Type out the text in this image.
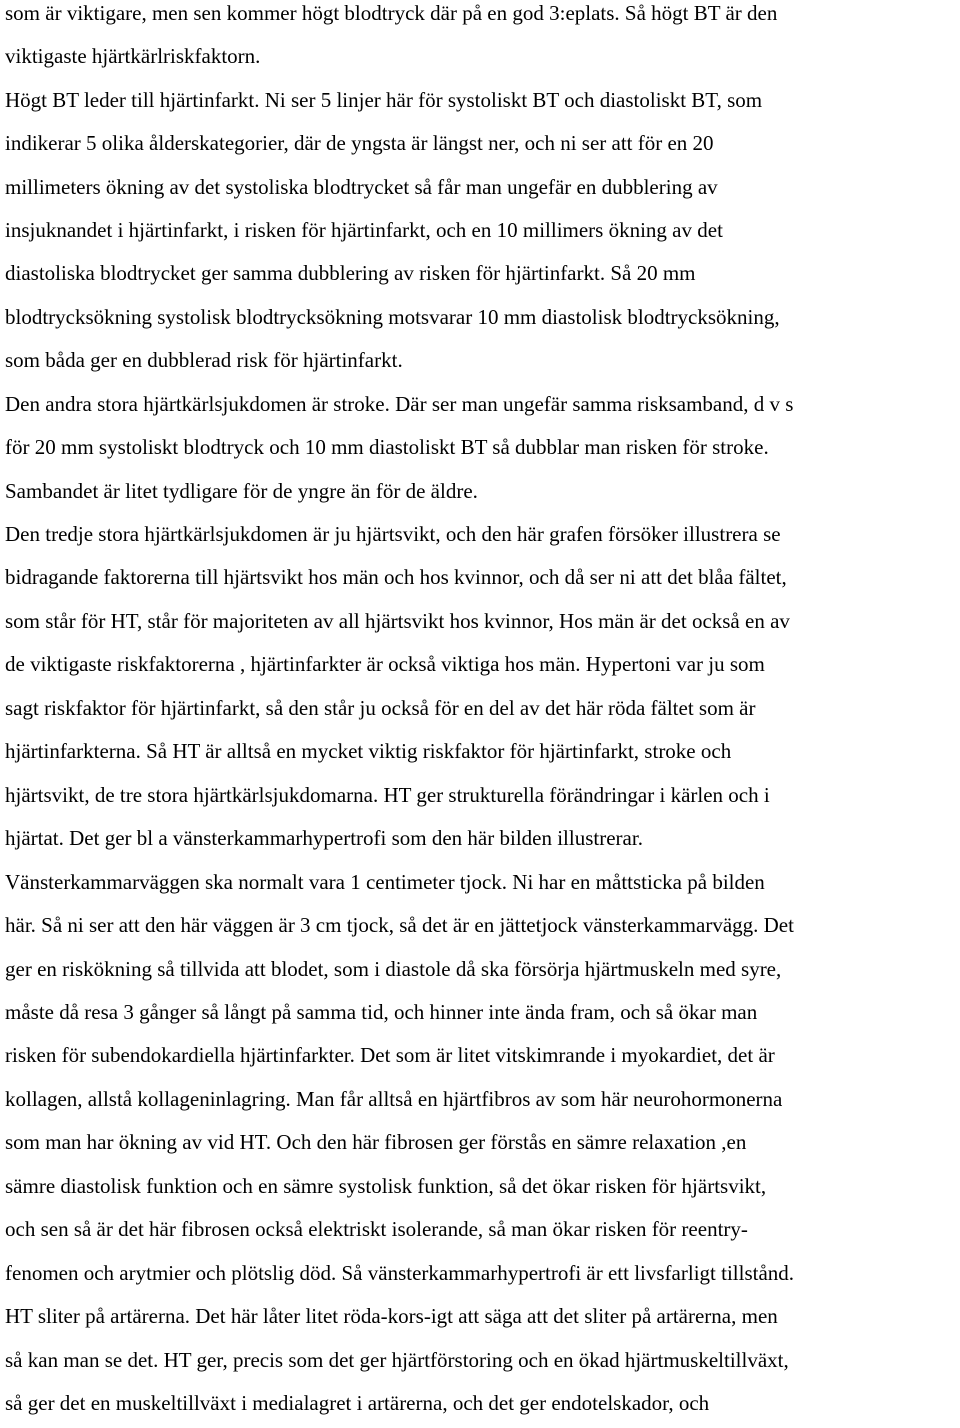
som är viktigare, men sen kommer högt blodtryck där på en god 3:eplats. Så högt BT är den

viktigaste hjärtkärlriskfaktorn.

Högt BT leder till hjärtinfarkt. Ni ser 5 linjer här för systoliskt BT och diastoliskt BT, som

indikerar 5 olika ålderskategorier, där de yngsta är längst ner, och ni ser att för en 20

millimeters ökning av det systoliska blodtrycket så får man ungefär en dubblering av

insjuknandet i hjärtinfarkt, i risken för hjärtinfarkt, och en 10 millimers ökning av det

diastoliska blodtrycket ger samma dubblering av risken för hjärtinfarkt. Så 20 mm

blodtrycksökning systolisk blodtrycksökning motsvarar 10 mm diastolisk blodtrycksökning,

som båda ger en dubblerad risk för hjärtinfarkt.

Den andra stora hjärtkärlsjukdomen är stroke. Där ser man ungefär samma risksamband, d v s

för 20 mm systoliskt blodtryck och 10 mm diastoliskt BT så dubblar man risken för stroke.

Sambandet är litet tydligare för de yngre än för de äldre.

Den tredje stora hjärtkärlsjukdomen är ju hjärtsvikt, och den här grafen försöker illustrera se

bidragande faktorerna till hjärtsvikt hos män och hos kvinnor, och då ser ni att det blåa fältet,

som står för HT, står för majoriteten av all hjärtsvikt hos kvinnor, Hos män är det också en av

de viktigaste riskfaktorerna , hjärtinfarkter är också viktiga hos män. Hypertoni var ju som

sagt riskfaktor för hjärtinfarkt, så den står ju också för en del av det här röda fältet som är

hjärtinfarkterna. Så HT är alltså en mycket viktig riskfaktor för hjärtinfarkt, stroke och

hjärtsvikt, de tre stora hjärtkärlsjukdomarna. HT ger strukturella förändringar i kärlen och i

hjärtat. Det ger bl a vänsterkammarhypertrofi som den här bilden illustrerar.

Vänsterkammarväggen ska normalt vara 1 centimeter tjock. Ni har en måttsticka på bilden

här. Så ni ser att den här väggen är 3 cm tjock, så det är en jättetjock vänsterkammarvägg. Det

ger en riskökning så tillvida att blodet, som i diastole då ska försörja hjärtmuskeln med syre,

måste då resa 3 gånger så långt på samma tid, och hinner inte ända fram, och så ökar man

risken för subendokardiella hjärtinfarkter. Det som är litet vitskimrande i myokardiet, det är

kollagen, allstå kollageninlagring. Man får alltså en hjärtfibros av som här neurohormonerna

som man har ökning av vid HT. Och den här fibrosen ger förstås en sämre relaxation ,en

sämre diastolisk funktion och en sämre systolisk funktion, så det ökar risken för hjärtsvikt,

och sen så är det här fibrosen också elektriskt isolerande, så man ökar risken för reentry-

fenomen och arytmier och plötslig död. Så vänsterkammarhypertrofi är ett livsfarligt tillstånd.

HT sliter på artärerna. Det här låter litet röda-kors-igt att säga att det sliter på artärerna, men

så kan man se det. HT ger, precis som det ger hjärtförstoring och en ökad hjärtmuskeltillväxt,

så ger det en muskeltillväxt i medialagret i artärerna, och det ger endotelskador, och
